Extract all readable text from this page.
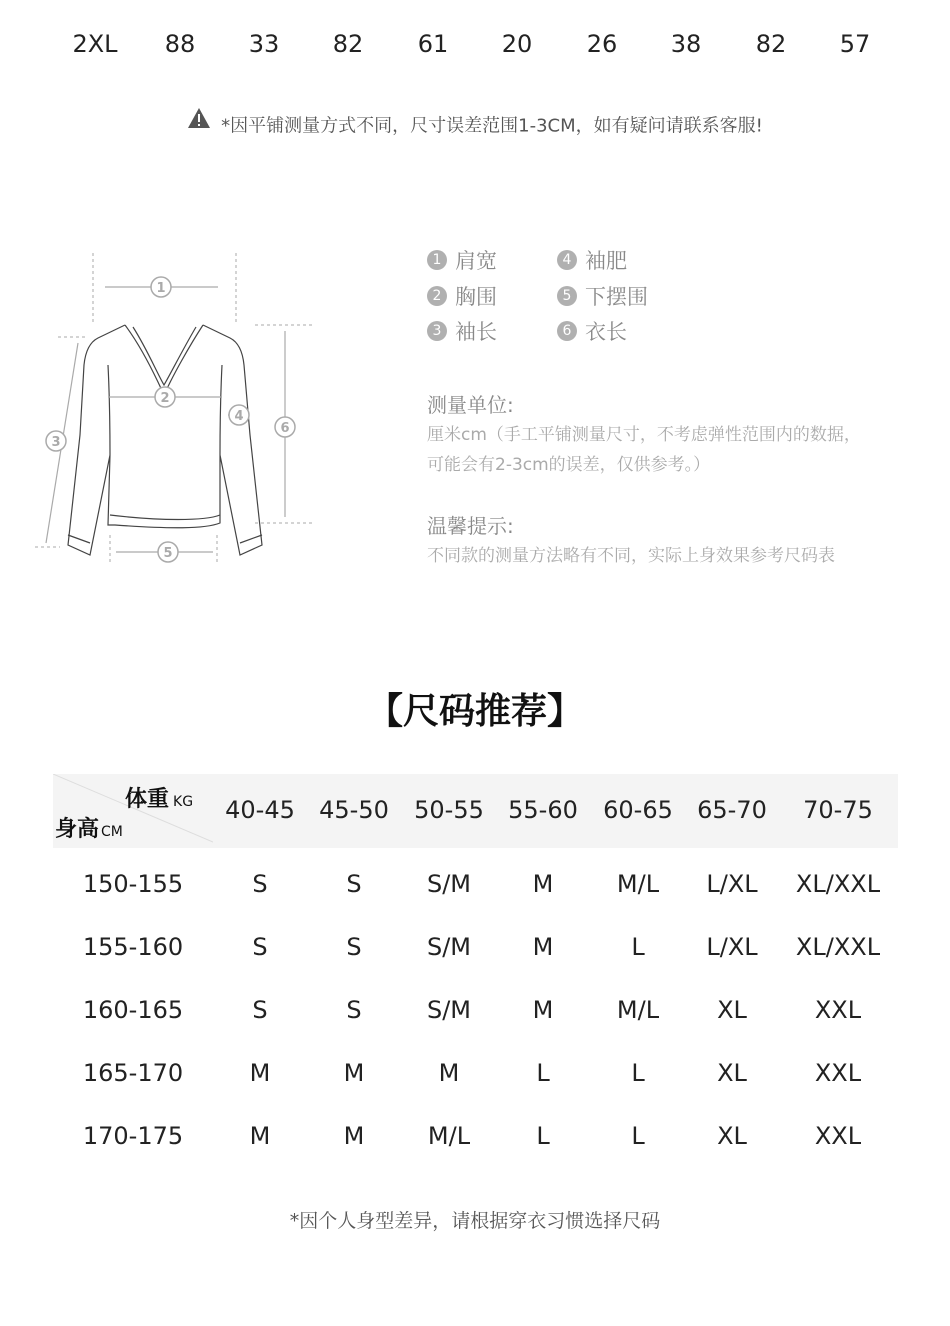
2XL	88	33	82	61	20	26	38	82	57
*因平铺测量方式不同，尺寸误差范围1-3CM，如有疑问请联系客服!
1
2
3
4
5
6
1 肩宽
2 胸围
3 袖长
4 袖肥
5 下摆围
6 衣长
测量单位:
厘米cm（手工平铺测量尺寸，不考虑弹性范围内的数据，
可能会有2-3cm的误差，仅供参考。）
温馨提示:
不同款的测量方法略有不同，实际上身效果参考尺码表
【尺码推荐】
体重 KG
身高 CM
40-45	45-50	50-55	55-60	60-65	65-70	70-75
150-155	S	S	S/M	M	M/L	L/XL	XL/XXL
155-160	S	S	S/M	M	L	L/XL	XL/XXL
160-165	S	S	S/M	M	M/L	XL	XXL
165-170	M	M	M	L	L	XL	XXL
170-175	M	M	M/L	L	L	XL	XXL
*因个人身型差异，请根据穿衣习惯选择尺码
